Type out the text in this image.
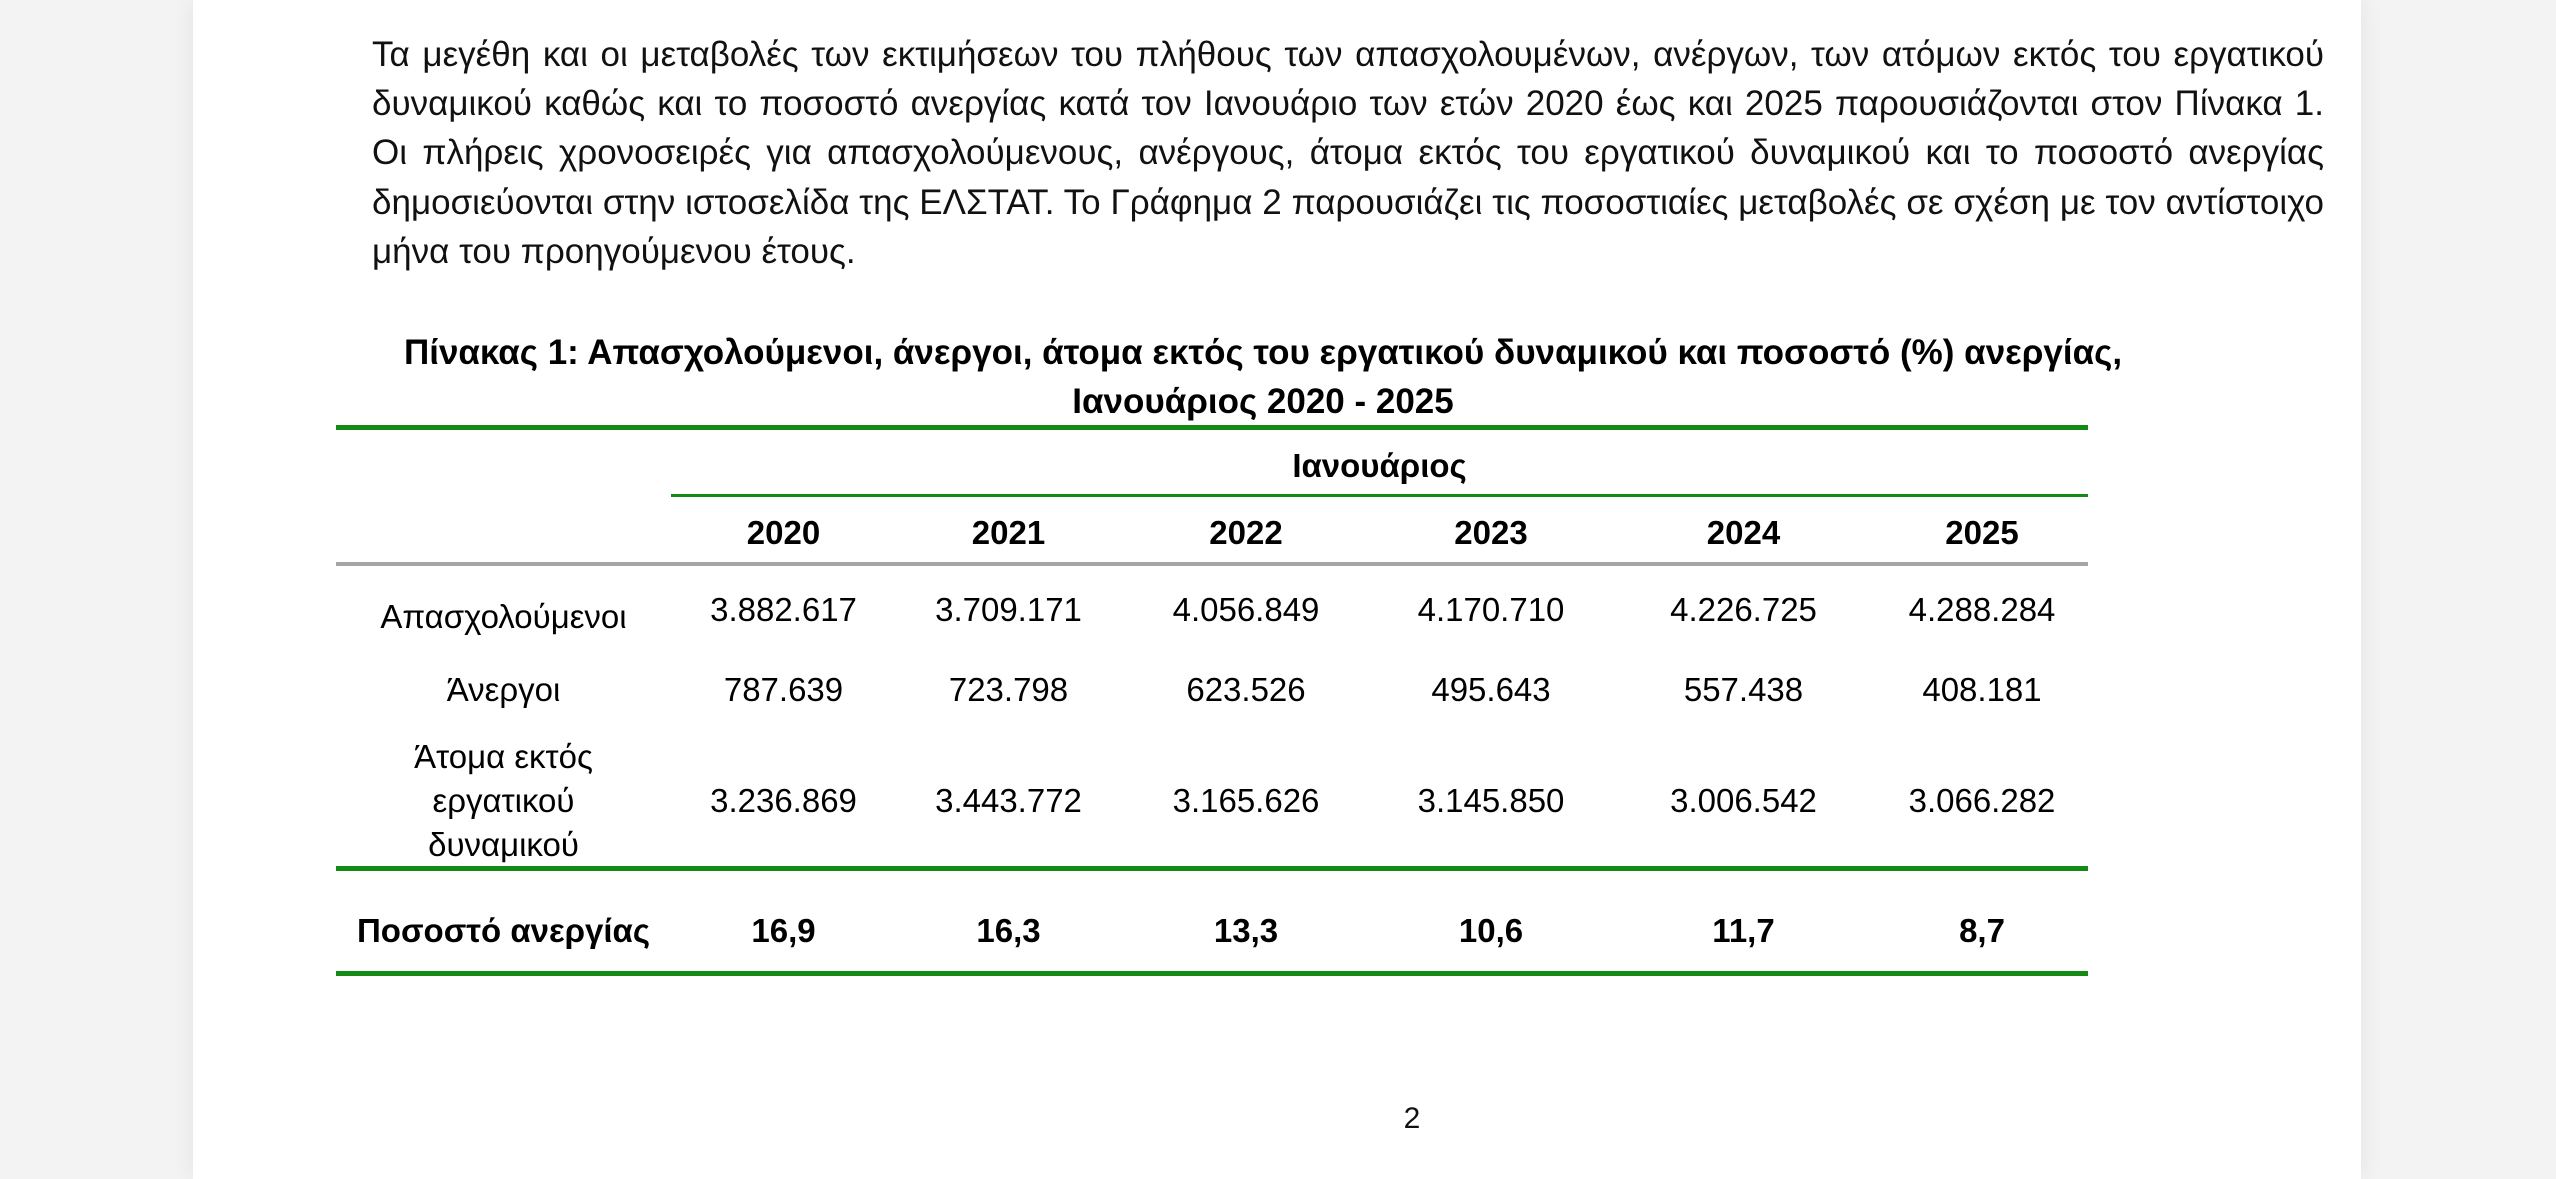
Τα μεγέθη και οι μεταβολές των εκτιμήσεων του πλήθους των απασχολουμένων, ανέργων, των ατόμων εκτός του εργατικού δυναμικού καθώς και το ποσοστό ανεργίας κατά τον Ιανουάριο των ετών 2020 έως και 2025 παρουσιάζονται στον Πίνακα 1. Οι πλήρεις χρονοσειρές για απασχολούμενους, ανέργους, άτομα εκτός του εργατικού δυναμικού και το ποσοστό ανεργίας δημοσιεύονται στην ιστοσελίδα της ΕΛΣΤΑΤ. Το Γράφημα 2 παρουσιάζει τις ποσοστιαίες μεταβολές σε σχέση με τον αντίστοιχο μήνα του προηγούμενου έτους.
Πίνακας 1: Απασχολούμενοι, άνεργοι, άτομα εκτός του εργατικού δυναμικού και ποσοστό (%) ανεργίας,
Ιανουάριος 2020 - 2025
Ιανουάριος
2020	2021	2022	2023	2024	2025
Απασχολούμενοι	3.882.617	3.709.171	4.056.849	4.170.710	4.226.725	4.288.284
Άνεργοι	787.639	723.798	623.526	495.643	557.438	408.181
Άτομα εκτός
εργατικού
δυναμικού
3.236.869	3.443.772	3.165.626	3.145.850	3.006.542	3.066.282
Ποσοστό ανεργίας	16,9	16,3	13,3	10,6	11,7	8,7
2
